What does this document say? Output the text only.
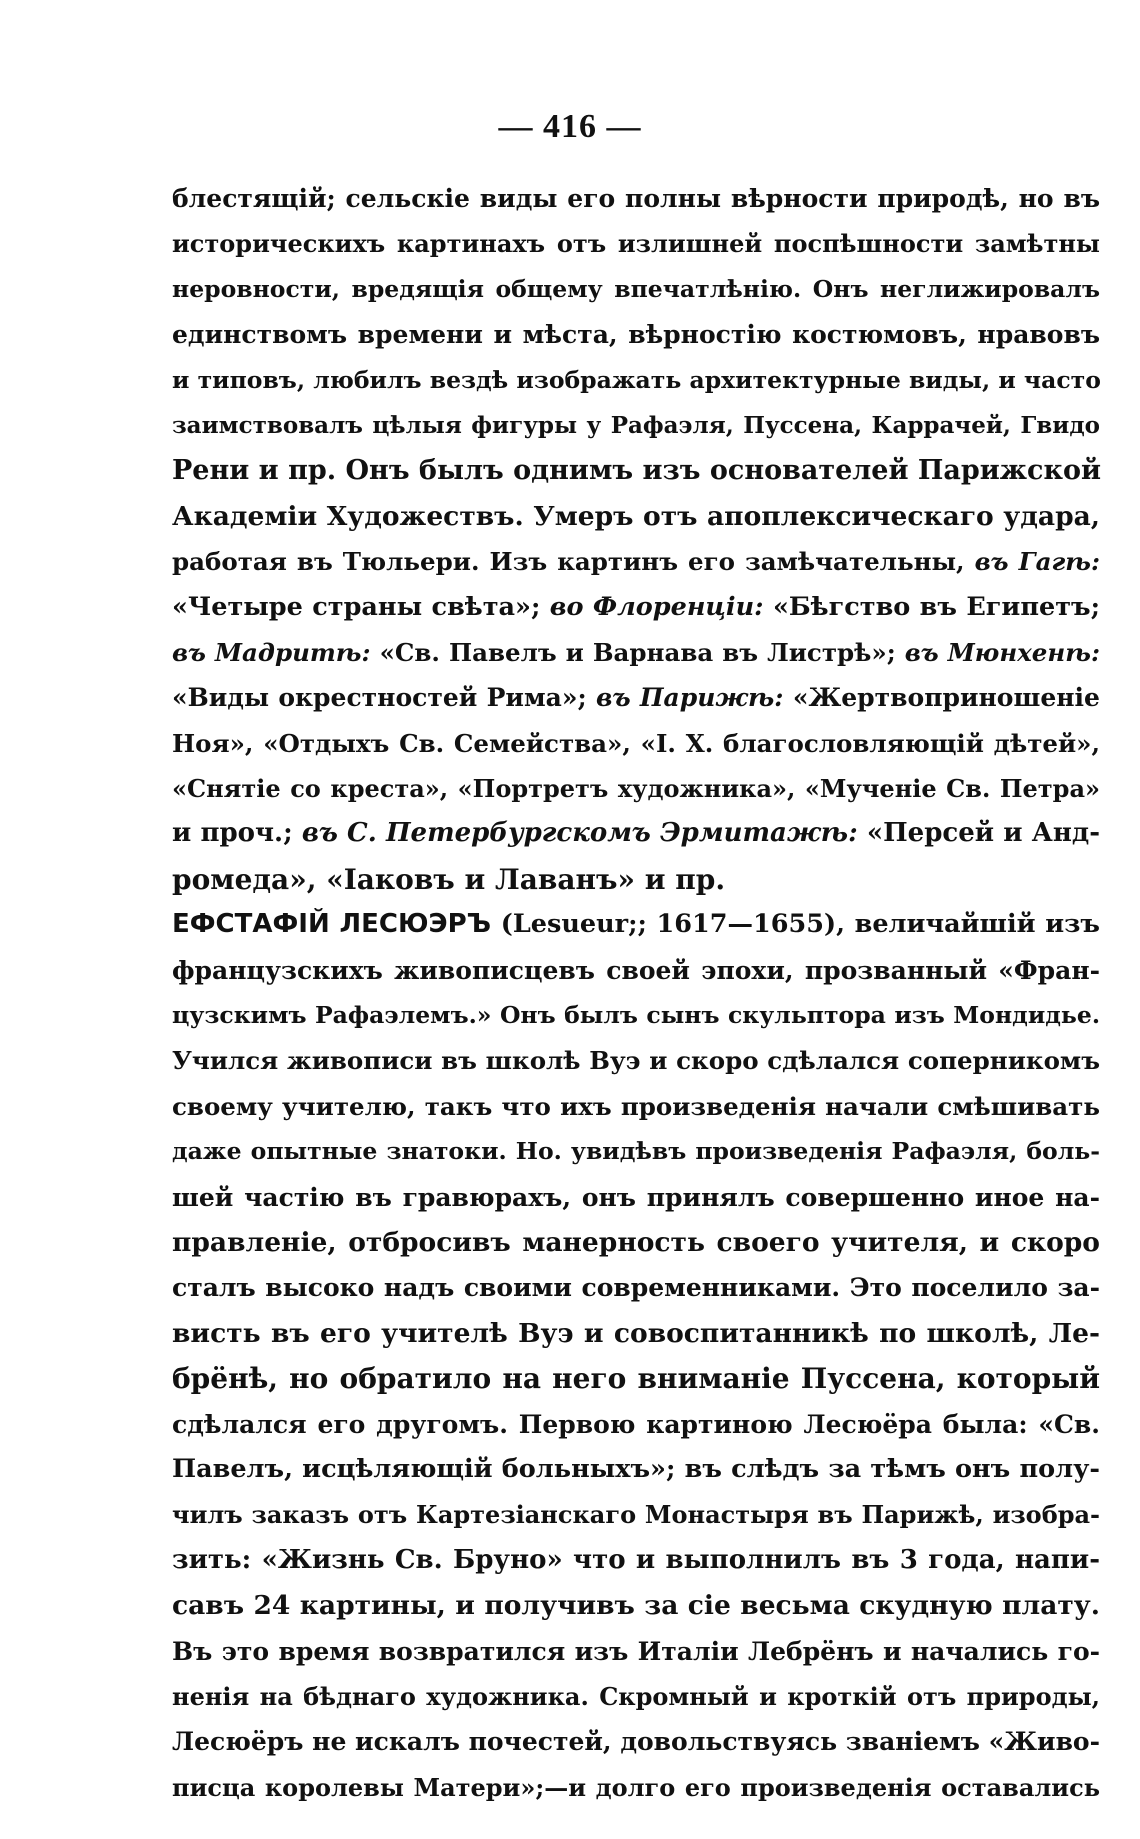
— 416 —
блестящій; сельскіе виды его полны вѣрности природѣ, но въ
историческихъ картинахъ отъ излишней поспѣшности замѣтны
неровности, вредящія общему впечатлѣнію. Онъ неглижировалъ
единствомъ времени и мѣста, вѣрностію костюмовъ, нравовъ
и типовъ, любилъ вездѣ изображать архитектурные виды, и часто
заимствовалъ цѣлыя фигуры у Рафаэля, Пуссена, Каррачей, Гвидо
Рени и пр. Онъ былъ однимъ изъ основателей Парижской
Академіи Художествъ. Умеръ отъ апоплексическаго удара,
работая въ Тюльери. Изъ картинъ его замѣчательны, въ Гагѣ:
«Четыре страны свѣта»; во Флоренціи: «Бѣгство въ Египетъ;
въ Мадритѣ: «Св. Павелъ и Варнава въ Листрѣ»; въ Мюнхенѣ:
«Виды окрестностей Рима»; въ Парижѣ: «Жертвоприношеніе
Ноя», «Отдыхъ Св. Семейства», «І. Х. благословляющій дѣтей»,
«Снятіе со креста», «Портретъ художника», «Мученіе Св. Петра»
и проч.; въ С. Петербургскомъ Эрмитажѣ: «Персей и Анд-
ромеда», «Іаковъ и Лаванъ» и пр.
ЕФСТАФІЙ ЛЕСЮЭРЪ (Lesueur;; 1617—1655), величайшій изъ
французскихъ живописцевъ своей эпохи, прозванный «Фран-
цузскимъ Рафаэлемъ.» Онъ былъ сынъ скульптора изъ Мондидье.
Учился живописи въ школѣ Вуэ и скоро сдѣлался соперникомъ
своему учителю, такъ что ихъ произведенія начали смѣшивать
даже опытные знатоки. Но. увидѣвъ произведенія Рафаэля, боль-
шей частію въ гравюрахъ, онъ принялъ совершенно иное на-
правленіе, отбросивъ манерность своего учителя, и скоро
сталъ высоко надъ своими современниками. Это поселило за-
висть въ его учителѣ Вуэ и совоспитанникѣ по школѣ, Ле-
брёнѣ, но обратило на него вниманіе Пуссена, который
сдѣлался его другомъ. Первою картиною Лесюёра была: «Св.
Павелъ, исцѣляющій больныхъ»; въ слѣдъ за тѣмъ онъ полу-
чилъ заказъ отъ Картезіанскаго Монастыря въ Парижѣ, изобра-
зить: «Жизнь Св. Бруно» что и выполнилъ въ 3 года, напи-
савъ 24 картины, и получивъ за сіе весьма скудную плату.
Въ это время возвратился изъ Италіи Лебрёнъ и начались го-
ненія на бѣднаго художника. Скромный и кроткій отъ природы,
Лесюёръ не искалъ почестей, довольствуясь званіемъ «Живо-
писца королевы Матери»;—и долго его произведенія оставались
